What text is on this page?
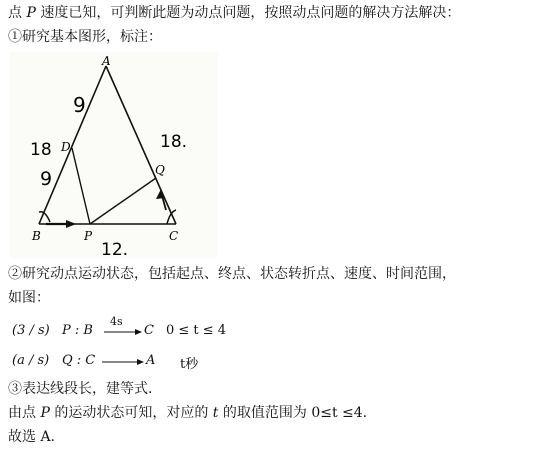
点 P 速度已知，可判断此题为动点问题，按照动点问题的解决方法解决：
①研究基本图形，标注：
A
B	C
D
P
Q
9
18
9
18.
12.
②研究动点运动状态，包括起点、终点、状态转折点、速度、时间范围，
如图：
(3 / s) P : B
4s
C 0 ≤ t ≤ 4
(a / s) Q : C	A t秒
③表达线段长，建等式.
由点 P 的运动状态可知，对应的 t 的取值范围为 0≤t ≤4.
故选 A.
